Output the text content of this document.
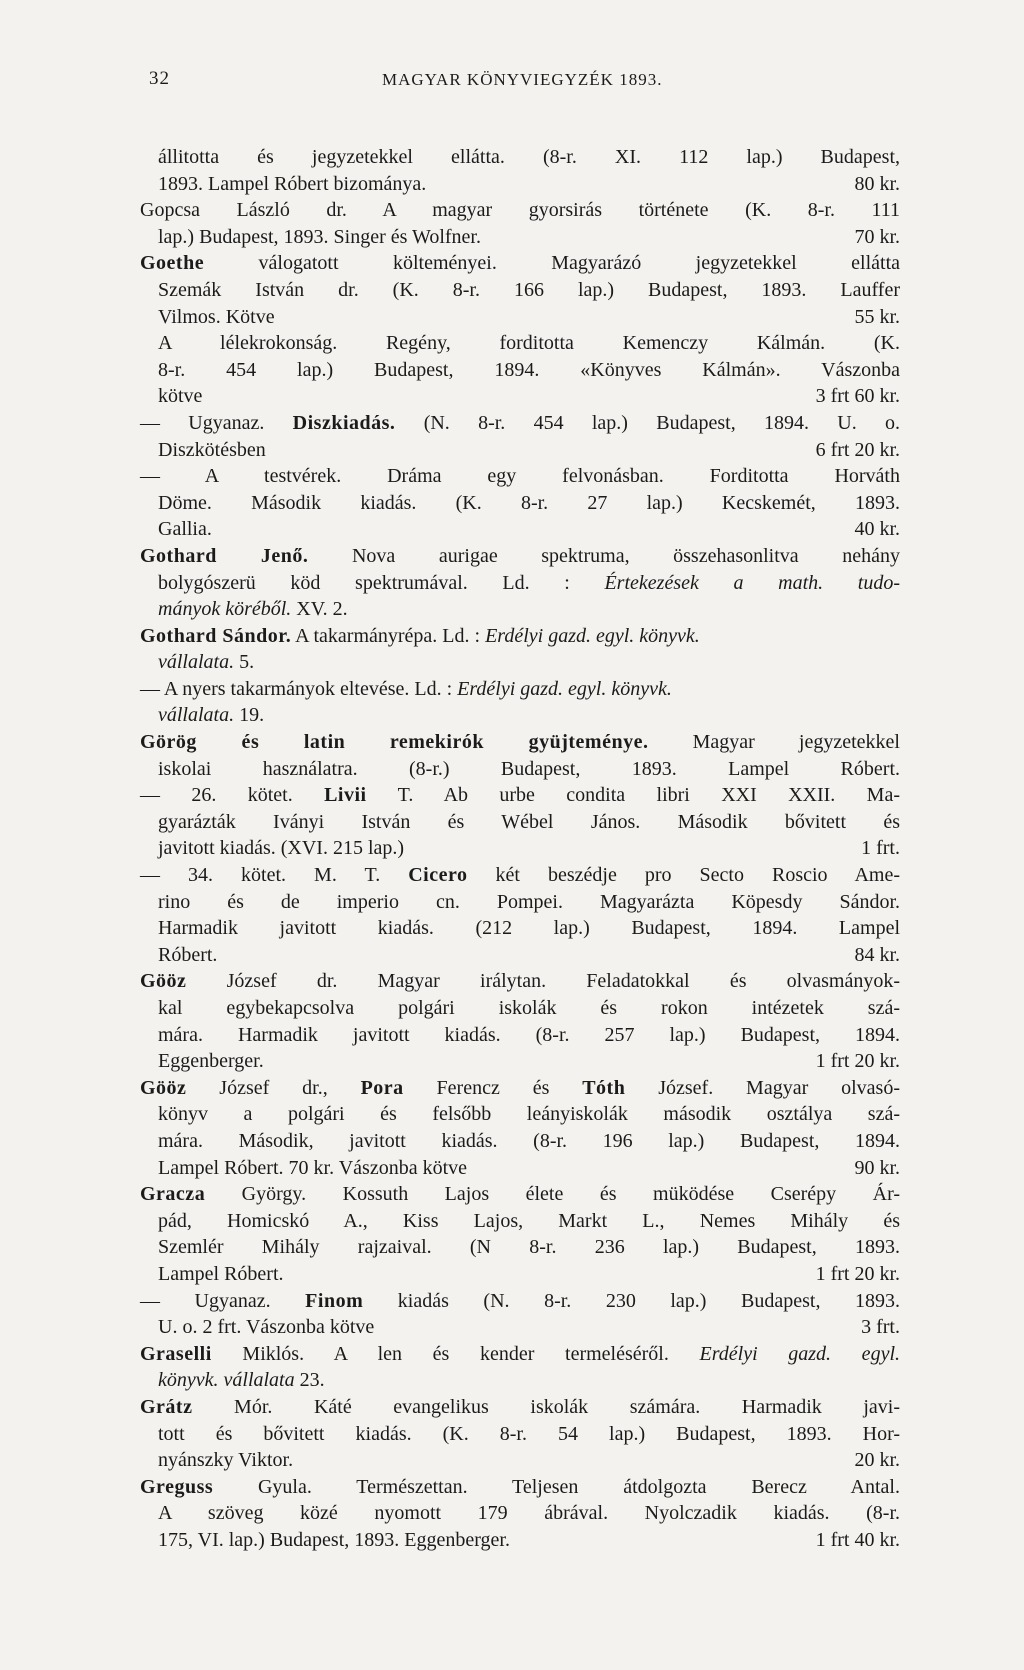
32	MAGYAR KÖNYVIEGYZÉK 1893.
állitotta és jegyzetekkel ellátta. (8-r. XI. 112 lap.) Budapest,
1893. Lampel Róbert bizománya.	80 kr.
Gopcsa László dr. A magyar gyorsirás története (K. 8-r. 111
lap.) Budapest, 1893. Singer és Wolfner.	70 kr.
Goethe válogatott költeményei. Magyarázó jegyzetekkel ellátta
Szemák István dr. (K. 8-r. 166 lap.) Budapest, 1893. Lauffer
Vilmos. Kötve	55 kr.
A lélekrokonság. Regény, forditotta Kemenczy Kálmán. (K.
8-r. 454 lap.) Budapest, 1894. «Könyves Kálmán». Vászonba
kötve	3 frt 60 kr.
— Ugyanaz. Diszkiadás. (N. 8-r. 454 lap.) Budapest, 1894. U. o.
Diszkötésben	6 frt 20 kr.
— A testvérek. Dráma egy felvonásban. Forditotta Horváth
Döme. Második kiadás. (K. 8-r. 27 lap.) Kecskemét, 1893.
Gallia.	40 kr.
Gothard Jenő. Nova aurigae spektruma, összehasonlitva nehány
bolygószerü köd spektrumával. Ld. : Értekezések a math. tudo-
mányok köréből. XV. 2.
Gothard Sándor. A takarmányrépa. Ld. : Erdélyi gazd. egyl. könyvk.
vállalata. 5.
— A nyers takarmányok eltevése. Ld. : Erdélyi gazd. egyl. könyvk.
vállalata. 19.
Görög és latin remekirók gyüjteménye. Magyar jegyzetekkel
iskolai használatra. (8-r.) Budapest, 1893. Lampel Róbert.
— 26. kötet. Livii T. Ab urbe condita libri XXI XXII. Ma-
gyarázták Iványi István és Wébel János. Második bővitett és
javitott kiadás. (XVI. 215 lap.)	1 frt.
— 34. kötet. M. T. Cicero két beszédje pro Secto Roscio Ame-
rino és de imperio cn. Pompei. Magyarázta Köpesdy Sándor.
Harmadik javitott kiadás. (212 lap.) Budapest, 1894. Lampel
Róbert.	84 kr.
Gööz József dr. Magyar irálytan. Feladatokkal és olvasmányok-
kal egybekapcsolva polgári iskolák és rokon intézetek szá-
mára. Harmadik javitott kiadás. (8-r. 257 lap.) Budapest, 1894.
Eggenberger.	1 frt 20 kr.
Gööz József dr., Pora Ferencz és Tóth József. Magyar olvasó-
könyv a polgári és felsőbb leányiskolák második osztálya szá-
mára. Második, javitott kiadás. (8-r. 196 lap.) Budapest, 1894.
Lampel Róbert. 70 kr. Vászonba kötve	90 kr.
Gracza György. Kossuth Lajos élete és müködése Cserépy Ár-
pád, Homicskó A., Kiss Lajos, Markt L., Nemes Mihály és
Szemlér Mihály rajzaival. (N 8-r. 236 lap.) Budapest, 1893.
Lampel Róbert.	1 frt 20 kr.
— Ugyanaz. Finom kiadás (N. 8-r. 230 lap.) Budapest, 1893.
U. o. 2 frt. Vászonba kötve	3 frt.
Graselli Miklós. A len és kender termeléséről. Erdélyi gazd. egyl.
könyvk. vállalata 23.
Grátz Mór. Káté evangelikus iskolák számára. Harmadik javi-
tott és bővitett kiadás. (K. 8-r. 54 lap.) Budapest, 1893. Hor-
nyánszky Viktor.	20 kr.
Greguss Gyula. Természettan. Teljesen átdolgozta Berecz Antal.
A szöveg közé nyomott 179 ábrával. Nyolczadik kiadás. (8-r.
175, VI. lap.) Budapest, 1893. Eggenberger.	1 frt 40 kr.
